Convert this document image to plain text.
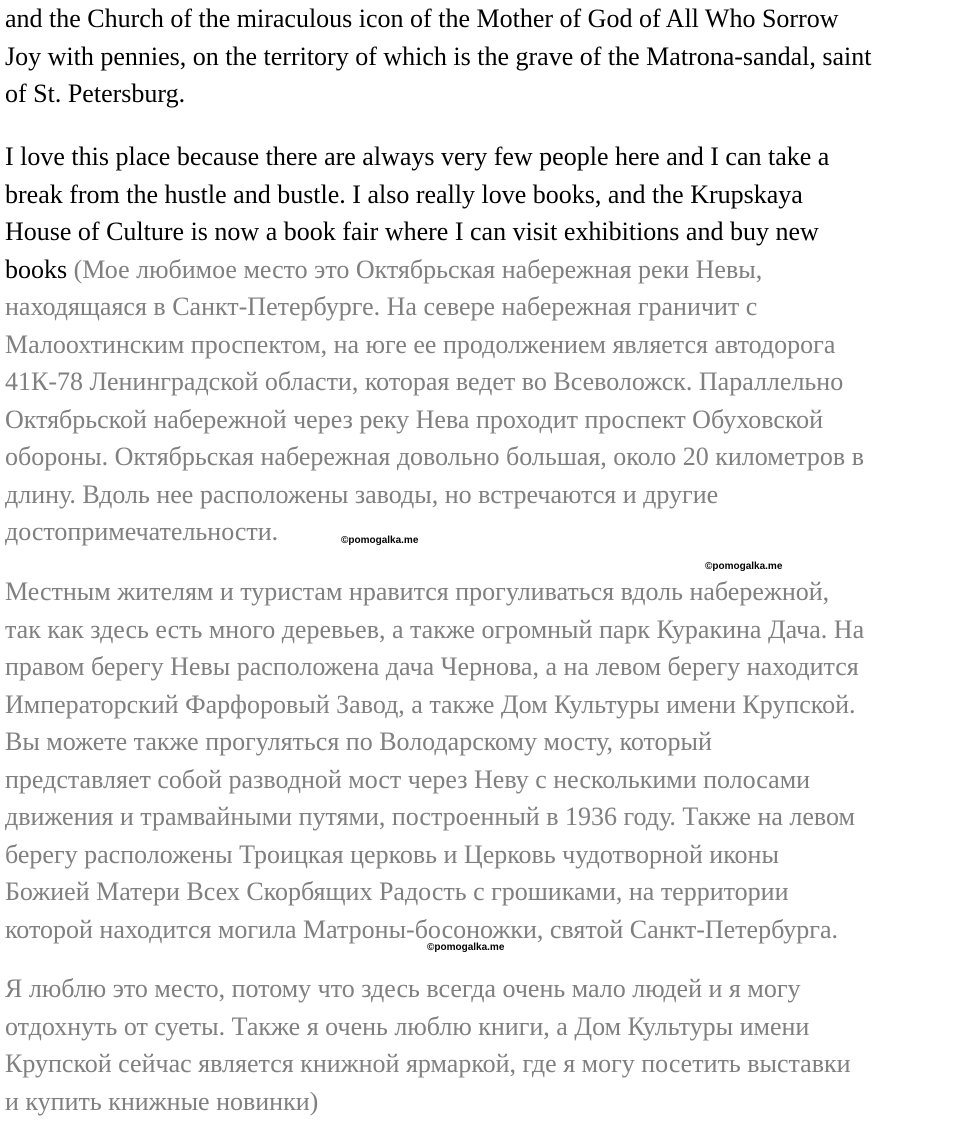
and the Church of the miraculous icon of the Mother of God of All Who Sorrow
Joy with pennies, on the territory of which is the grave of the Matrona-sandal, saint
of St. Petersburg.
I love this place because there are always very few people here and I can take a
break from the hustle and bustle. I also really love books, and the Krupskaya
House of Culture is now a book fair where I can visit exhibitions and buy new
books (Мое любимое место это Октябрьская набережная реки Невы,
находящаяся в Санкт-Петербурге. На севере набережная граничит с
Малоохтинским проспектом, на юге ее продолжением является автодорога
41К-78 Ленинградской области, которая ведет во Всеволожск. Параллельно
Октябрьской набережной через реку Нева проходит проспект Обуховской
обороны. Октябрьская набережная довольно большая, около 20 километров в
длину. Вдоль нее расположены заводы, но встречаются и другие
достопримечательности.
Местным жителям и туристам нравится прогуливаться вдоль набережной,
так как здесь есть много деревьев, а также огромный парк Куракина Дача. На
правом берегу Невы расположена дача Чернова, а на левом берегу находится
Императорский Фарфоровый Завод, а также Дом Культуры имени Крупской.
Вы можете также прогуляться по Володарскому мосту, который
представляет собой разводной мост через Неву с несколькими полосами
движения и трамвайными путями, построенный в 1936 году. Также на левом
берегу расположены Троицкая церковь и Церковь чудотворной иконы
Божией Матери Всех Скорбящих Радость с грошиками, на территории
которой находится могила Матроны-босоножки, святой Санкт-Петербурга.
Я люблю это место, потому что здесь всегда очень мало людей и я могу
отдохнуть от суеты. Также я очень люблю книги, а Дом Культуры имени
Крупской сейчас является книжной ярмаркой, где я могу посетить выставки
и купить книжные новинки)
©pomogalka.me
©pomogalka.me
©pomogalka.me
